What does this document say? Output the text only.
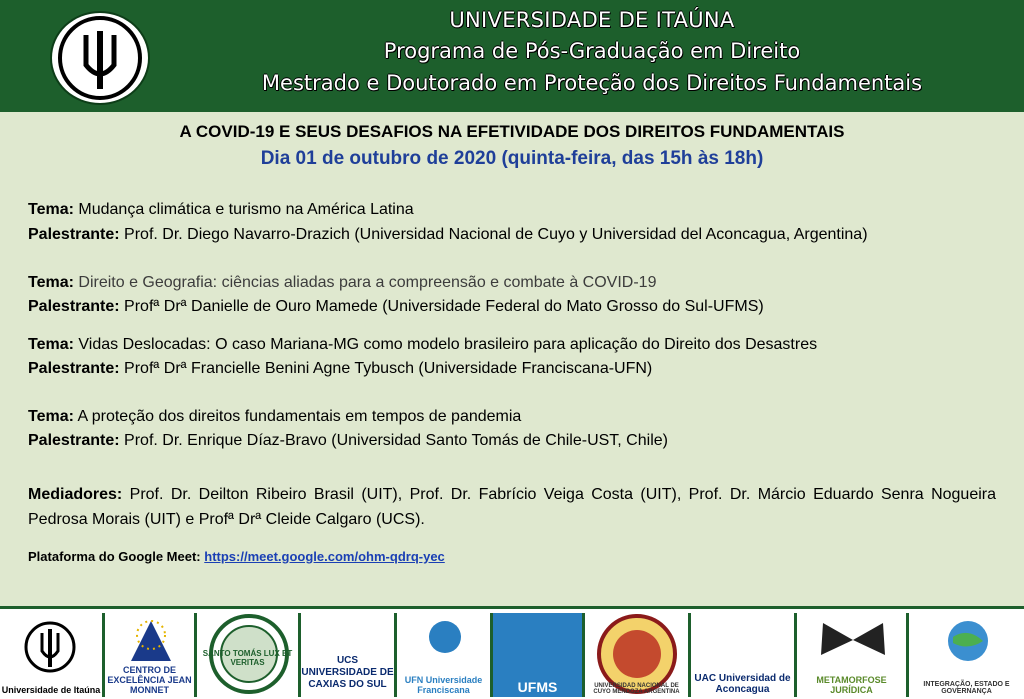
UNIVERSIDADE DE ITAÚNA
Programa de Pós-Graduação em Direito
Mestrado e Doutorado em Proteção dos Direitos Fundamentais
A COVID-19 E SEUS DESAFIOS NA EFETIVIDADE DOS DIREITOS FUNDAMENTAIS
Dia 01 de outubro de 2020 (quinta-feira, das 15h às 18h)
Tema: Mudança climática e turismo na América Latina
Palestrante: Prof. Dr. Diego Navarro-Drazich (Universidad Nacional de Cuyo y Universidad del Aconcagua, Argentina)
Tema: Direito e Geografia: ciências aliadas para a compreensão e combate à COVID-19
Palestrante: Profª Drª Danielle de Ouro Mamede (Universidade Federal do Mato Grosso do Sul-UFMS)
Tema: Vidas Deslocadas: O caso Mariana-MG como modelo brasileiro para aplicação do Direito dos Desastres
Palestrante: Profª Drª Francielle Benini Agne Tybusch (Universidade Franciscana-UFN)
Tema: A proteção dos direitos fundamentais em tempos de pandemia
Palestrante: Prof. Dr. Enrique Díaz-Bravo (Universidad Santo Tomás de Chile-UST, Chile)
Mediadores: Prof. Dr. Deilton Ribeiro Brasil (UIT), Prof. Dr. Fabrício Veiga Costa (UIT), Prof. Dr. Márcio Eduardo Senra Nogueira Pedrosa Morais (UIT) e Profª Drª Cleide Calgaro (UCS).
Plataforma do Google Meet: https://meet.google.com/ohm-qdrq-yec
Universidade de Itaúna
CENTRO DE EXCELÊNCIA JEAN MONNET
SANTO TOMÁS LUX ET VERITAS	UCS UNIVERSIDADE DE CAXIAS DO SUL	UFN Universidade Franciscana	UFMS	UNIVERSIDAD NACIONAL DE CUYO MENDOZA ARGENTINA
UAC Universidad de Aconcagua
METAMORFOSE JURÍDICA
INTEGRAÇÃO, ESTADO E GOVERNANÇA
